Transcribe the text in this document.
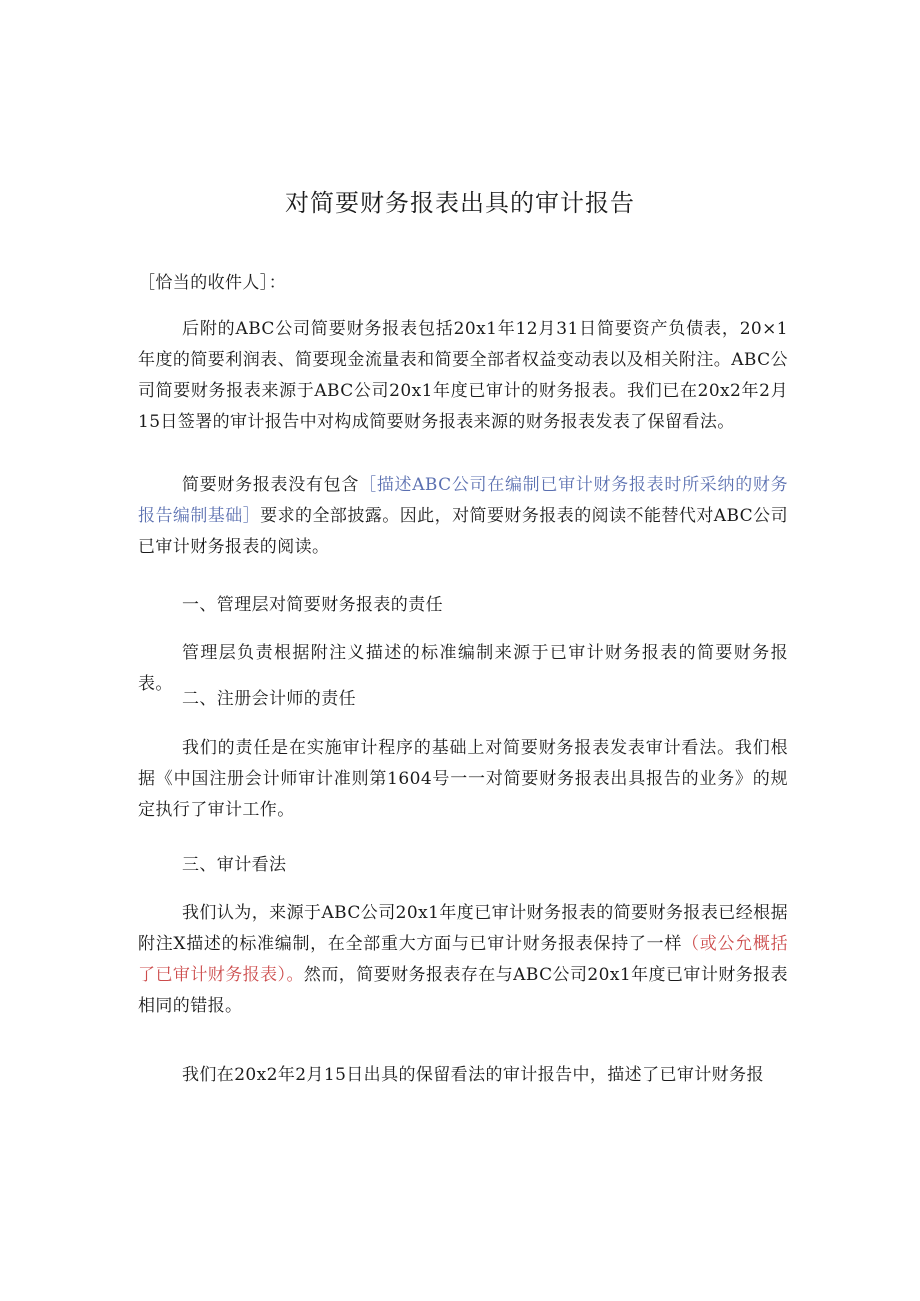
对简要财务报表出具的审计报告

［恰当的收件人］：

后附的ABC公司简要财务报表包括20x1年12月31日简要资产负债表，20×1年度的简要利润表、简要现金流量表和简要全部者权益变动表以及相关附注。ABC公司简要财务报表来源于ABC公司20x1年度已审计的财务报表。我们已在20x2年2月15日签署的审计报告中对构成简要财务报表来源的财务报表发表了保留看法。

简要财务报表没有包含［描述ABC公司在编制已审计财务报表时所采纳的财务报告编制基础］要求的全部披露。因此，对简要财务报表的阅读不能替代对ABC公司已审计财务报表的阅读。

一、管理层对简要财务报表的责任

管理层负责根据附注义描述的标准编制来源于已审计财务报表的简要财务报表。

二、注册会计师的责任

我们的责任是在实施审计程序的基础上对简要财务报表发表审计看法。我们根据《中国注册会计师审计准则第1604号一一对简要财务报表出具报告的业务》的规定执行了审计工作。

三、审计看法

我们认为，来源于ABC公司20x1年度已审计财务报表的简要财务报表已经根据附注X描述的标准编制，在全部重大方面与已审计财务报表保持了一样（或公允概括了已审计财务报表）。然而，简要财务报表存在与ABC公司20x1年度已审计财务报表相同的错报。

我们在20x2年2月15日出具的保留看法的审计报告中，描述了已审计财务报
